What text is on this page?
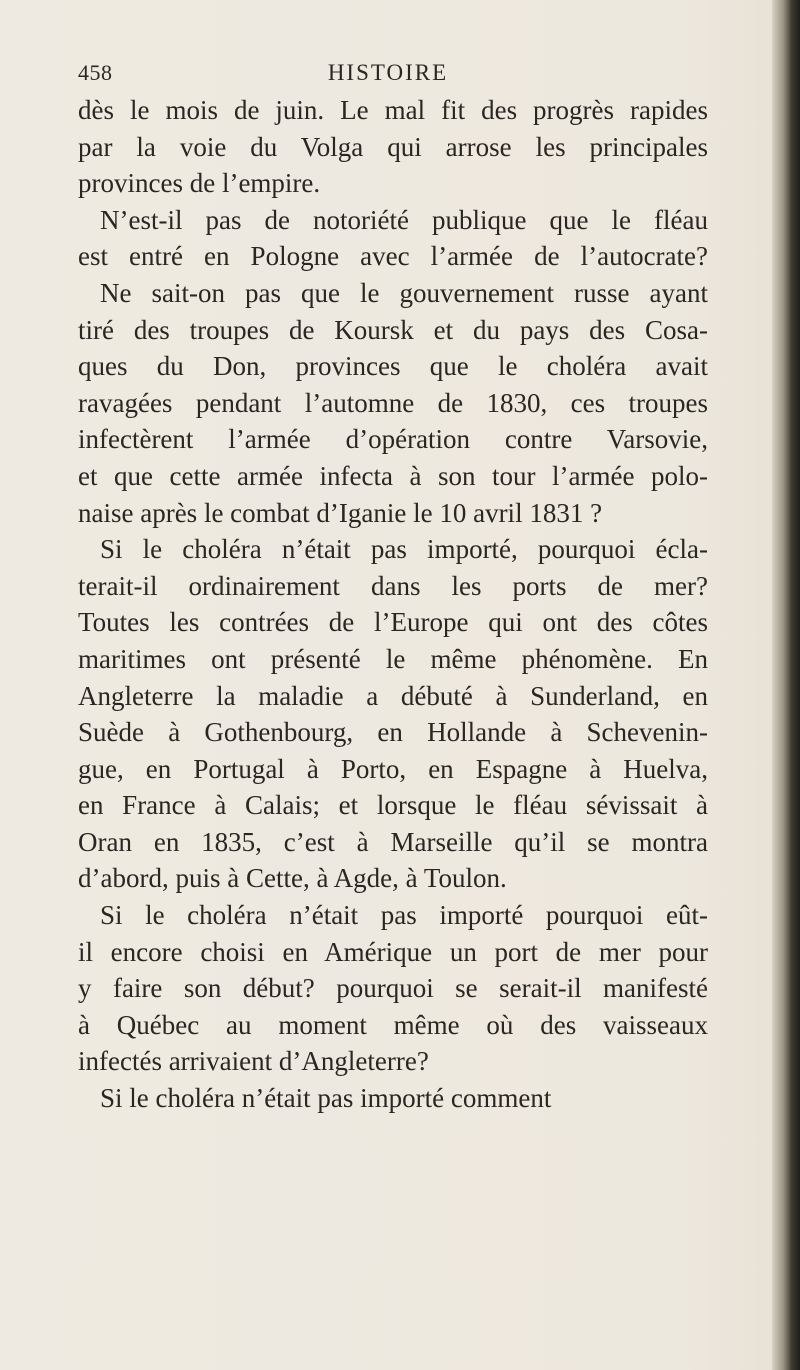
458	HISTOIRE
dès le mois de juin. Le mal fit des progrès rapides
par la voie du Volga qui arrose les principales
provinces de l’empire.
N’est-il pas de notoriété publique que le fléau
est entré en Pologne avec l’armée de l’autocrate?
Ne sait-on pas que le gouvernement russe ayant
tiré des troupes de Koursk et du pays des Cosa-
ques du Don, provinces que le choléra avait
ravagées pendant l’automne de 1830, ces troupes
infectèrent l’armée d’opération contre Varsovie,
et que cette armée infecta à son tour l’armée polo-
naise après le combat d’Iganie le 10 avril 1831 ?
Si le choléra n’était pas importé, pourquoi écla-
terait-il ordinairement dans les ports de mer?
Toutes les contrées de l’Europe qui ont des côtes
maritimes ont présenté le même phénomène. En
Angleterre la maladie a débuté à Sunderland, en
Suède à Gothenbourg, en Hollande à Schevenin-
gue, en Portugal à Porto, en Espagne à Huelva,
en France à Calais; et lorsque le fléau sévissait à
Oran en 1835, c’est à Marseille qu’il se montra
d’abord, puis à Cette, à Agde, à Toulon.
Si le choléra n’était pas importé pourquoi eût-
il encore choisi en Amérique un port de mer pour
y faire son début? pourquoi se serait-il manifesté
à Québec au moment même où des vaisseaux
infectés arrivaient d’Angleterre?
Si le choléra n’était pas importé comment
